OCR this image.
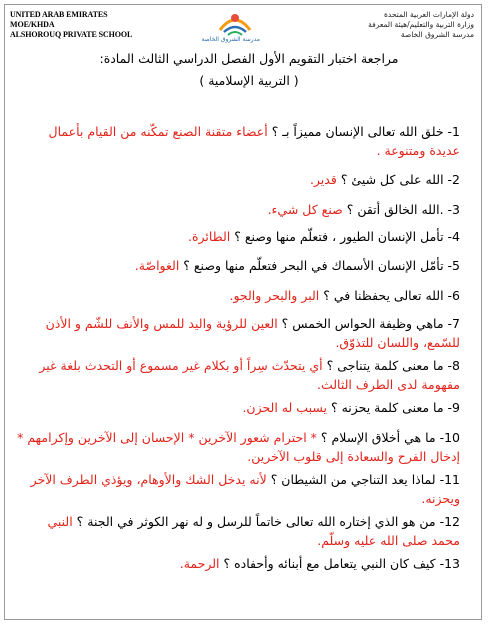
UNITED ARAB EMIRATES
MOE/KHDA
ALSHOROUQ PRIVATE SCHOOL
مدرسة الشروق الخاصة
دولة الإمارات العربية المتحدة
وزارة التربية والتعليم/هيئة المعرفة
مدرسة الشروق الخاصة
مراجعة اختبار التقويم الأول الفصل الدراسي الثالث المادة:
( التربية الإسلامية )
1- خلق الله تعالى الإنسان مميزاً بـ ؟ أعضاء متقنة الصنع تمكّنه من القيام بأعمال عديدة ومتنوعة .
2- الله على كل شيئ ؟ قدير.
3- .الله الخالق أتقن ؟ صنع كل شيء.
4- تأمل الإنسان الطيور ، فتعلّم منها وصنع ؟ الطائرة.
5- تأمّل الإنسان الأسماك في البحر فتعلّم منها وصنع ؟ الغواصّة.
6- الله تعالى يحفظنا في ؟ البر والبحر والجو.
7- ماهي وظيفة الحواس الخمس ؟ العين للرؤية واليد للمس والأنف للشّم و الأذن للسّمع، واللسان للتذوّق.
8- ما معنى كلمة يتناجى ؟ أي يتحدّث سِراً أو بكلام غير مسموع أو التحدث بلغة غير مفهومة لدى الطرف الثالث.
9- ما معنى كلمة يحزنه ؟ يسبب له الحزن.
10- ما هي أخلاق الإسلام ؟ * احترام شعور الآخرين * الإحسان إلى الآخرين وإكرامهم * إدخال الفرح والسعادة إلى قلوب الآخرين.
11- لماذا يعد التناجي من الشيطان ؟ لأنه يدخل الشك والأوهام، ويؤذي الطرف الآخر ويحزنه.
12- من هو الذي إختاره الله تعالى خاتماً للرسل و له نهر الكوثر في الجنة ؟ النبي محمد صلى الله عليه وسلّم.
13- كيف كان النبي يتعامل مع أبنائه وأحفاده ؟ الرحمة.
